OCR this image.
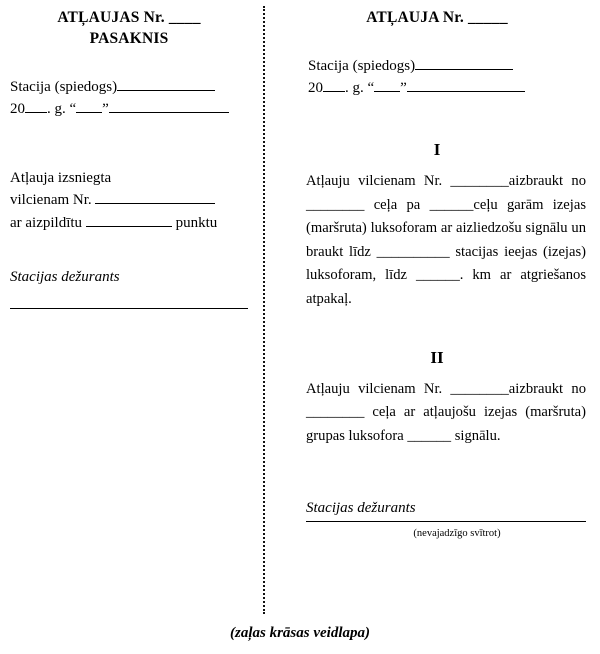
ATĻAUJAS Nr. ____
PASAKNIS
Stacija (spiedogs)
20 . g. “ ”
Atļauja izsniegta
vilcienam Nr.
ar aizpildītu	punktu
Stacijas dežurants
ATĻAUJA Nr. _____
Stacija (spiedogs)
20 . g. “ ”
I
Atļauju vilcienam Nr. ________aizbraukt no ________ ceļa pa ______ceļu garām izejas (maršruta) luksoforam ar aizliedzošu signālu un braukt līdz __________ stacijas ieejas (izejas) luksoforam, līdz ______. km ar atgriešanos atpakaļ.
II
Atļauju vilcienam Nr. ________aizbraukt no ________ ceļa ar atļaujošu izejas (maršruta) grupas luksofora ______ signālu.
Stacijas dežurants
(nevajadzīgo svītrot)
(zaļas krāsas veidlapa)
